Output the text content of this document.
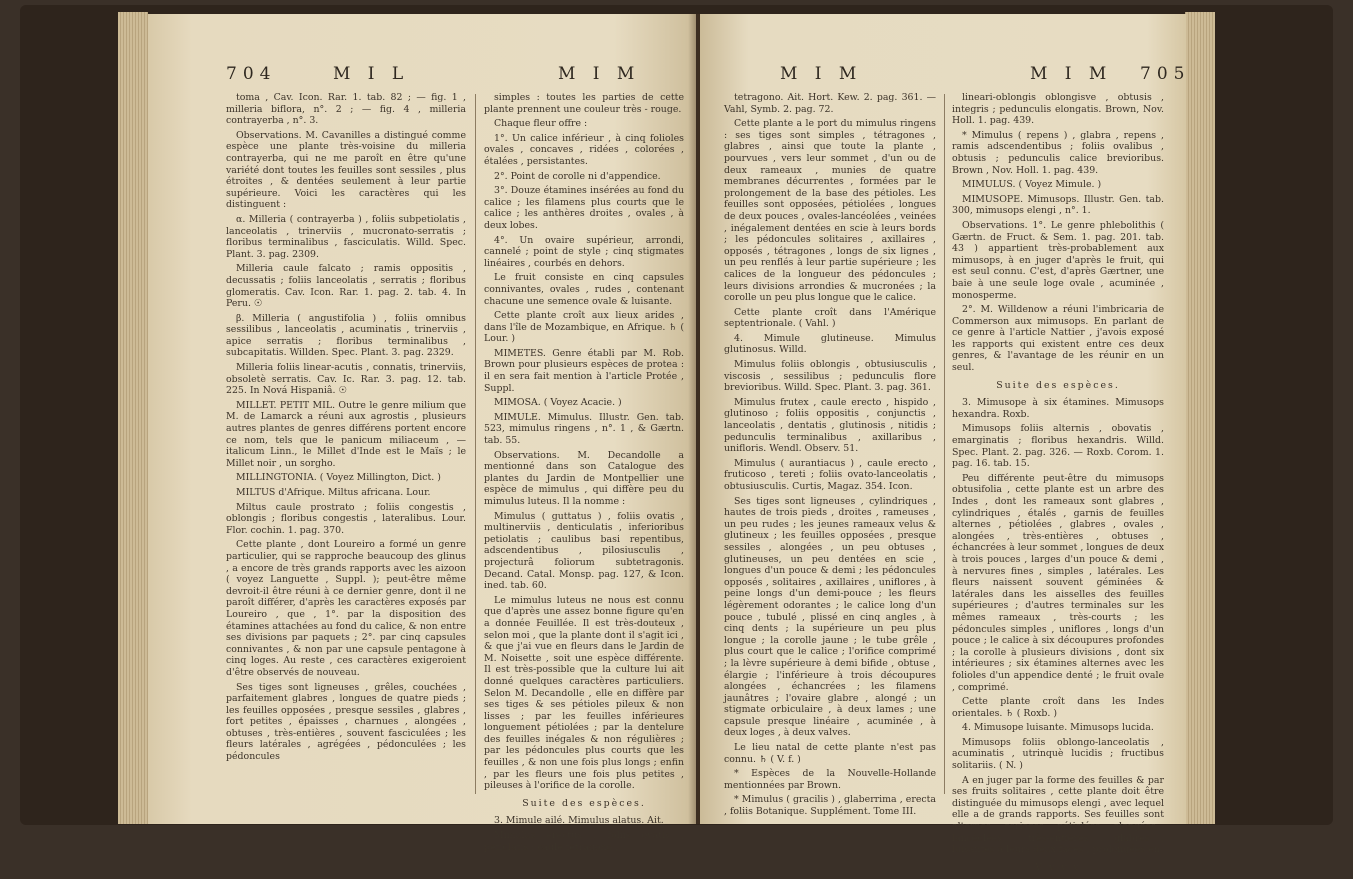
704	M I L	M I M

toma , Cav. Icon. Rar. 1. tab. 82 ; — fig. 1 , milleria biflora, n°. 2 ; — fig. 4 , milleria contrayerba , n°. 3.

Observations. M. Cavanilles a distingué comme espèce une plante très-voisine du milleria contrayerba, qui ne me paroît en être qu'une variété dont toutes les feuilles sont sessiles , plus étroites , & dentées seulement à leur partie supérieure. Voici les caractères qui les distinguent :

α. Milleria ( contrayerba ) , foliis subpetiolatis , lanceolatis , trinerviis , mucronato-serratis ; floribus terminalibus , fasciculatis. Willd. Spec. Plant. 3. pag. 2309.

Milleria caule falcato ; ramis oppositis , decussatis ; foliis lanceolatis , serratis ; floribus glomeratis. Cav. Icon. Rar. 1. pag. 2. tab. 4. In Peru. ☉

β. Milleria ( angustifolia ) , foliis omnibus sessilibus , lanceolatis , acuminatis , trinerviis , apice serratis ; floribus terminalibus , subcapitatis. Willden. Spec. Plant. 3. pag. 2329.

Milleria foliis linear-acutis , connatis, trinerviis, obsoletè serratis. Cav. Ic. Rar. 3. pag. 12. tab. 225. In Nová Hispaniâ. ☉

MILLET. PETIT MIL. Outre le genre milium que M. de Lamarck a réuni aux agrostis , plusieurs autres plantes de genres différens portent encore ce nom, tels que le panicum miliaceum , — italicum Linn., le Millet d'Inde est le Maïs ; le Millet noir , un sorgho.

MILLINGTONIA. ( Voyez Millington, Dict. )

MILTUS d'Afrique. Miltus africana. Lour.

Miltus caule prostrato ; foliis congestis , oblongis ; floribus congestis , lateralibus. Lour. Flor. cochin. 1. pag. 370.

Cette plante , dont Loureiro a formé un genre particulier, qui se rapproche beaucoup des glinus , a encore de très grands rapports avec les aizoon ( voyez Languette , Suppl. ); peut-être même devroit-il être réuni à ce dernier genre, dont il ne paroît différer, d'après les caractères exposés par Loureiro , que , 1°. par la disposition des étamines attachées au fond du calice, & non entre ses divisions par paquets ; 2°. par cinq capsules connivantes , & non par une capsule pentagone à cinq loges. Au reste , ces caractères exigeroient d'être observés de nouveau.

Ses tiges sont ligneuses , grêles, couchées , parfaitement glabres , longues de quatre pieds ; les feuilles opposées , presque sessiles , glabres , fort petites , épaisses , charnues , alongées , obtuses , très-entières , souvent fasciculées ; les fleurs latérales , agrégées , pédonculées ; les pédoncules

simples : toutes les parties de cette plante prennent une couleur très - rouge.

Chaque fleur offre :

1°. Un calice inférieur , à cinq folioles ovales , concaves , ridées , colorées , étalées , persistantes.

2°. Point de corolle ni d'appendice.

3°. Douze étamines insérées au fond du calice ; les filamens plus courts que le calice ; les anthères droites , ovales , à deux lobes.

4°. Un ovaire supérieur, arrondi, cannelé ; point de style ; cinq stigmates linéaires , courbés en dehors.

Le fruit consiste en cinq capsules connivantes, ovales , rudes , contenant chacune une semence ovale & luisante.

Cette plante croît aux lieux arides , dans l'île de Mozambique, en Afrique. ♄ ( Lour. )

MIMETES. Genre établi par M. Rob. Brown pour plusieurs espèces de protea : il en sera fait mention à l'article Protée , Suppl.

MIMOSA. ( Voyez Acacie. )

MIMULE. Mimulus. Illustr. Gen. tab. 523, mimulus ringens , n°. 1 , & Gærtn. tab. 55.

Observations. M. Decandolle a mentionné dans son Catalogue des plantes du Jardin de Montpellier une espèce de mimulus , qui diffère peu du mimulus luteus. Il la nomme :

Mimulus ( guttatus ) , foliis ovatis , multinerviis , denticulatis , inferioribus petiolatis ; caulibus basi repentibus, adscendentibus , pilosiusculis , projecturâ foliorum subtetragonis. Decand. Catal. Monsp. pag. 127, & Icon. ined. tab. 60.

Le mimulus luteus ne nous est connu que d'après une assez bonne figure qu'en a donnée Feuillée. Il est très-douteux , selon moi , que la plante dont il s'agit ici , & que j'ai vue en fleurs dans le Jardin de M. Noisette , soit une espèce différente. Il est très-possible que la culture lui ait donné quelques caractères particuliers. Selon M. Decandolle , elle en diffère par ses tiges & ses pétioles pileux & non lisses ; par les feuilles inférieures longuement pétiolées ; par la dentelure des feuilles inégales & non régulières ; par les pédoncules plus courts que les feuilles , & non une fois plus longs ; enfin , par les fleurs une fois plus petites , pileuses à l'orifice de la corolle.

Suite des espèces.

3. Mimule ailé. Mimulus alatus. Ait.

Mimulus erectus , foliis ovatis , petiolatis ; caule tetragono ,

M I M	M I M 705

tetragono. Ait. Hort. Kew. 2. pag. 361. — Vahl, Symb. 2. pag. 72.

Cette plante a le port du mimulus ringens : ses tiges sont simples , tétragones , glabres , ainsi que toute la plante , pourvues , vers leur sommet , d'un ou de deux rameaux , munies de quatre membranes décurrentes , formées par le prolongement de la base des pétioles. Les feuilles sont opposées, pétiolées , longues de deux pouces , ovales-lancéolées , veinées , inégalement dentées en scie à leurs bords ; les pédoncules solitaires , axillaires , opposés , tétragones , longs de six lignes , un peu renflés à leur partie supérieure ; les calices de la longueur des pédoncules ; leurs divisions arrondies & mucronées ; la corolle un peu plus longue que le calice.

Cette plante croît dans l'Amérique septentrionale. ( Vahl. )

4. Mimule glutineuse. Mimulus glutinosus. Willd.

Mimulus foliis oblongis , obtusiusculis , viscosis , sessilibus ; pedunculis flore brevioribus. Willd. Spec. Plant. 3. pag. 361.

Mimulus frutex , caule erecto , hispido , glutinoso ; foliis oppositis , conjunctis , lanceolatis , dentatis , glutinosis , nitidis ; pedunculis terminalibus , axillaribus , unifloris. Wendl. Observ. 51.

Mimulus ( aurantiacus ) , caule erecto , fruticoso , tereti ; foliis ovato-lanceolatis , obtusiusculis. Curtis, Magaz. 354. Icon.

Ses tiges sont ligneuses , cylindriques , hautes de trois pieds , droites , rameuses , un peu rudes ; les jeunes rameaux velus & glutineux ; les feuilles opposées , presque sessiles , alongées , un peu obtuses , glutineuses, un peu dentées en scie , longues d'un pouce & demi ; les pédoncules opposés , solitaires , axillaires , uniflores , à peine longs d'un demi-pouce ; les fleurs légèrement odorantes ; le calice long d'un pouce , tubulé , plissé en cinq angles , à cinq dents ; la supérieure un peu plus longue ; la corolle jaune ; le tube grêle , plus court que le calice ; l'orifice comprimé ; la lèvre supérieure à demi bifide , obtuse , élargie ; l'inférieure à trois découpures alongées , échancrées ; les filamens jaunâtres ; l'ovaire glabre , alongé ; un stigmate orbiculaire , à deux lames ; une capsule presque linéaire , acuminée , à deux loges , à deux valves.

Le lieu natal de cette plante n'est pas connu. ♄ ( V. f. )

* Espèces de la Nouvelle-Hollande mentionnées par Brown.

* Mimulus ( gracilis ) , glaberrima , erecta , foliis Botanique. Supplément. Tome III.

lineari-oblongis oblongisve , obtusis , integris ; pedunculis elongatis. Brown, Nov. Holl. 1. pag. 439.

* Mimulus ( repens ) , glabra , repens , ramis adscendentibus ; foliis ovalibus , obtusis ; pedunculis calice brevioribus. Brown , Nov. Holl. 1. pag. 439.

MIMULUS. ( Voyez Mimule. )

MIMUSOPE. Mimusops. Illustr. Gen. tab. 300, mimusops elengi , n°. 1.

Observations. 1°. Le genre phlebolithis ( Gærtn. de Fruct. & Sem. 1. pag. 201. tab. 43 ) appartient très-probablement aux mimusops, à en juger d'après le fruit, qui est seul connu. C'est, d'après Gærtner, une baie à une seule loge ovale , acuminée , monosperme.

2°. M. Willdenow a réuni l'imbricaria de Commerson aux mimusops. En parlant de ce genre à l'article Nattier , j'avois exposé les rapports qui existent entre ces deux genres, & l'avantage de les réunir en un seul.

Suite des espèces.

3. Mimusope à six étamines. Mimusops hexandra. Roxb.

Mimusops foliis alternis , obovatis , emarginatis ; floribus hexandris. Willd. Spec. Plant. 2. pag. 326. — Roxb. Corom. 1. pag. 16. tab. 15.

Peu différente peut-être du mimusops obtusifolia , cette plante est un arbre des Indes , dont les rameaux sont glabres , cylindriques , étalés , garnis de feuilles alternes , pétiolées , glabres , ovales , alongées , très-entières , obtuses , échancrées à leur sommet , longues de deux à trois pouces , larges d'un pouce & demi , à nervures fines , simples , latérales. Les fleurs naissent souvent géminées & latérales dans les aisselles des feuilles supérieures ; d'autres terminales sur les mêmes rameaux , très-courts ; les pédoncules simples , uniflores , longs d'un pouce ; le calice à six découpures profondes ; la corolle à plusieurs divisions , dont six intérieures ; six étamines alternes avec les folioles d'un appendice denté ; le fruit ovale , comprimé.

Cette plante croît dans les Indes orientales. ♄ ( Roxb. )

4. Mimusope luisante. Mimusops lucida.

Mimusops foliis oblongo-lanceolatis , acuminatis , utrinquè lucidis ; fructibus solitariis. ( N. )

A en juger par la forme des feuilles & par ses fruits solitaires , cette plante doit être distinguée du mimusops elengi , avec lequel elle a de grands rapports. Ses feuilles sont alternes , coriaces , pétiolées , alongées , lancéolées , très-entières , glabres , luisantes à leurs deux faces , prolongées en

V v v v
